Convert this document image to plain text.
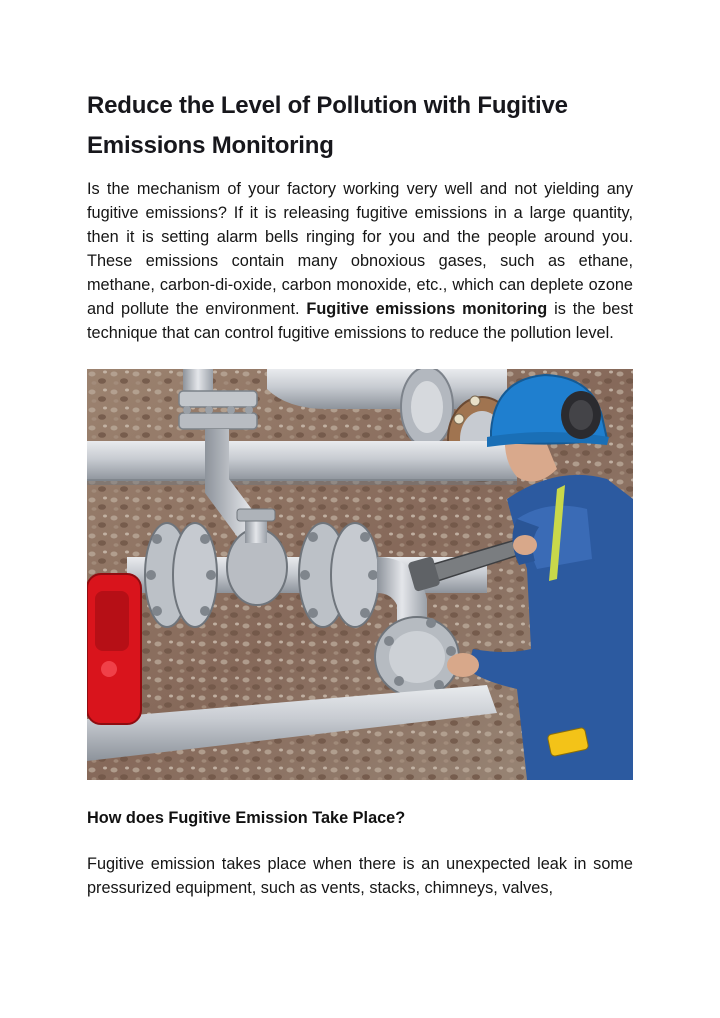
Reduce the Level of Pollution with Fugitive Emissions Monitoring

Is the mechanism of your factory working very well and not yielding any fugitive emissions? If it is releasing fugitive emissions in a large quantity, then it is setting alarm bells ringing for you and the people around you. These emissions contain many obnoxious gases, such as ethane, methane, carbon-di-oxide, carbon monoxide, etc., which can deplete ozone and pollute the environment. Fugitive emissions monitoring is the best technique that can control fugitive emissions to reduce the pollution level.

How does Fugitive Emission Take Place?

Fugitive emission takes place when there is an unexpected leak in some pressurized equipment, such as vents, stacks, chimneys, valves,
